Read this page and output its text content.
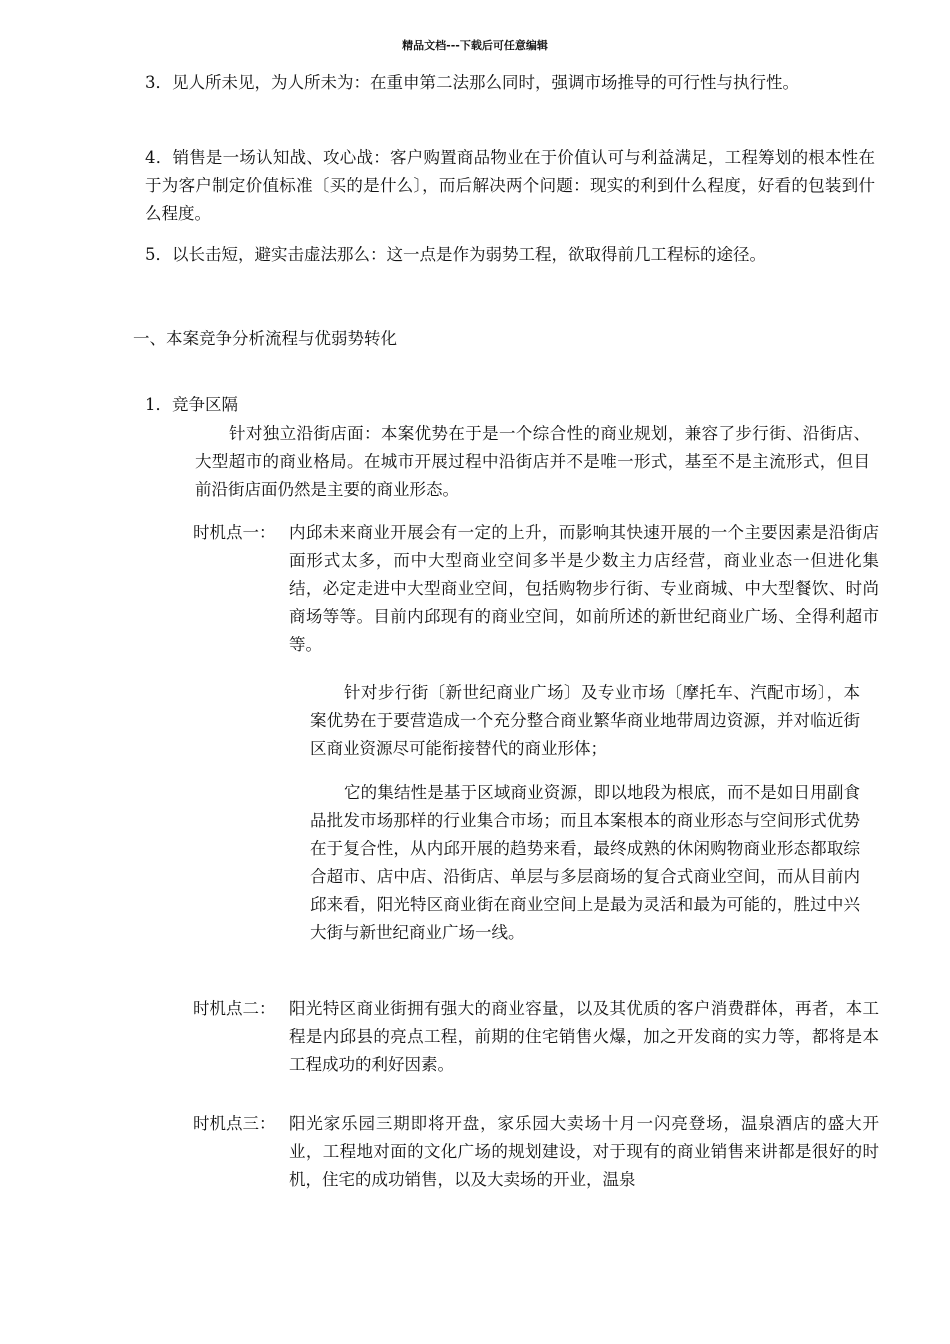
精品文档---下载后可任意编辑

3．见人所未见，为人所未为：在重申第二法那么同时，强调市场推导的可行性与执行性。

4．销售是一场认知战、攻心战：客户购置商品物业在于价值认可与利益满足，工程筹划的根本性在于为客户制定价值标准〔买的是什么〕，而后解决两个问题：现实的利到什么程度，好看的包装到什么程度。

5．以长击短，避实击虚法那么：这一点是作为弱势工程，欲取得前几工程标的途径。

一、本案竞争分析流程与优弱势转化

1．竞争区隔

针对独立沿街店面：本案优势在于是一个综合性的商业规划，兼容了步行街、沿街店、大型超市的商业格局。在城市开展过程中沿街店并不是唯一形式，基至不是主流形式，但目前沿街店面仍然是主要的商业形态。

时机点一： 内邱未来商业开展会有一定的上升，而影响其快速开展的一个主要因素是沿街店面形式太多，而中大型商业空间多半是少数主力店经营，商业业态一但进化集结，必定走进中大型商业空间，包括购物步行街、专业商城、中大型餐饮、时尚商场等等。目前内邱现有的商业空间，如前所述的新世纪商业广场、全得利超市等。

针对步行街〔新世纪商业广场〕及专业市场〔摩托车、汽配市场〕，本案优势在于要营造成一个充分整合商业繁华商业地带周边资源，并对临近街区商业资源尽可能衔接替代的商业形体；

它的集结性是基于区域商业资源，即以地段为根底，而不是如日用副食品批发市场那样的行业集合市场；而且本案根本的商业形态与空间形式优势在于复合性，从内邱开展的趋势来看，最终成熟的休闲购物商业形态都取综合超市、店中店、沿街店、单层与多层商场的复合式商业空间，而从目前内邱来看，阳光特区商业街在商业空间上是最为灵活和最为可能的，胜过中兴大街与新世纪商业广场一线。

时机点二： 阳光特区商业街拥有强大的商业容量，以及其优质的客户消费群体，再者，本工程是内邱县的亮点工程，前期的住宅销售火爆，加之开发商的实力等，都将是本工程成功的利好因素。

时机点三： 阳光家乐园三期即将开盘，家乐园大卖场十月一闪亮登场，温泉酒店的盛大开业，工程地对面的文化广场的规划建设，对于现有的商业销售来讲都是很好的时机，住宅的成功销售，以及大卖场的开业，温泉
